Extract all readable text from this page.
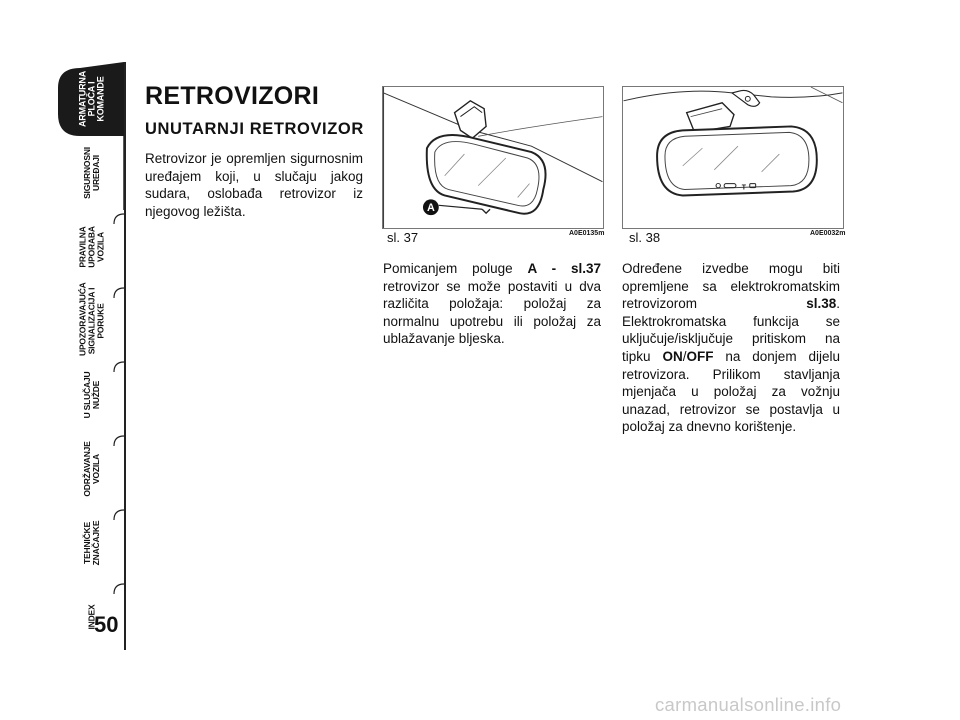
ARMATURNA
PLOČA I
KOMANDE
SIGURNOSNI
UREĐAJI
PRAVILNA
UPORABA
VOZILA
UPOZORAVAJUĆA
SIGNALIZACIJA I
PORUKE
U SLUČAJU
NUŽDE
ODRŽAVANJE
VOZILA
TEHNIČKE
ZNAČAJKE
INDEX
50
RETROVIZORI
UNUTARNJI RETROVIZOR

Retrovizor je opremljen sigurnosnim uređajem koji, u slučaju jakog sudara, oslobađa retrovizor iz njegovog ležišta.	A
sl. 37	A0E0135m
T
sl. 38	A0E0032m

Pomicanjem poluge A - sl.37 retrovizor se može postaviti u dva različita položaja: položaj za normalnu upotrebu ili položaj za ublažavanje bljeska.

Određene izvedbe mogu biti opremljene sa elektrokromatskim retrovizorom sl.38. Elektrokromatska funkcija se uključuje/isključuje pritiskom na tipku ON/OFF na donjem dijelu retrovizora. Prilikom stavljanja mjenjača u položaj za vožnju unazad, retrovizor se postavlja u položaj za dnevno korištenje.

carmanualsonline.info
